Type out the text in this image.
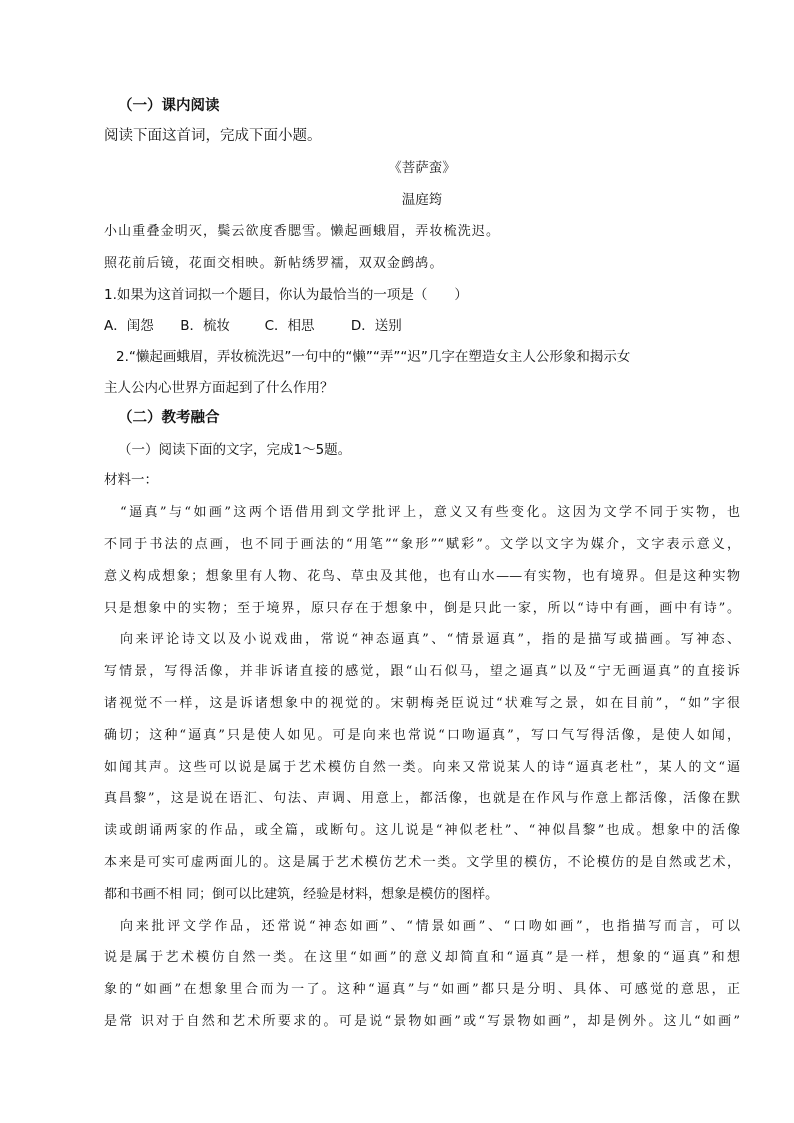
（一）课内阅读
阅读下面这首词，完成下面小题。
《菩萨蛮》
温庭筠
小山重叠金明灭，鬓云欲度香腮雪。懒起画蛾眉，弄妆梳洗迟。
照花前后镜，花面交相映。新帖绣罗襦，双双金鹧鸪。
1.如果为这首词拟一个题目，你认为最恰当的一项是（　　）
A．闺怨 B．梳妆	C．相思	D．送别
2.“懒起画蛾眉，弄妆梳洗迟”一句中的“懒”“弄”“迟”几字在塑造女主人公形象和揭示女
主人公内心世界方面起到了什么作用？
（二）教考融合
（一）阅读下面的文字，完成1～5题。
材料一：
“逼真”与“如画”这两个语借用到文学批评上，意义又有些变化。这因为文学不同于实物，也
不同于书法的点画，也不同于画法的“用笔”“象形”“赋彩”。文学以文字为媒介，文字表示意义，
意义构成想象；想象里有人物、花鸟、草虫及其他，也有山水——有实物，也有境界。但是这种实物
只是想象中的实物；至于境界，原只存在于想象中，倒是只此一家，所以“诗中有画，画中有诗”。
向来评论诗文以及小说戏曲，常说“神态逼真”、“情景逼真”，指的是描写或描画。写神态、
写情景，写得活像，并非诉诸直接的感觉，跟“山石似马，望之逼真”以及“宁无画逼真”的直接诉
诸视觉不一样，这是诉诸想象中的视觉的。宋朝梅尧臣说过“状难写之景，如在目前”，“如”字很
确切；这种“逼真”只是使人如见。可是向来也常说“口吻逼真”，写口气写得活像，是使人如闻，
如闻其声。这些可以说是属于艺术模仿自然一类。向来又常说某人的诗“逼真老杜”，某人的文“逼
真昌黎”，这是说在语汇、句法、声调、用意上，都活像，也就是在作风与作意上都活像，活像在默
读或朗诵两家的作品，或全篇，或断句。这儿说是“神似老杜”、“神似昌黎”也成。想象中的活像
本来是可实可虚两面儿的。这是属于艺术模仿艺术一类。文学里的模仿，不论模仿的是自然或艺术，
都和书画不相 同；倒可以比建筑，经验是材料，想象是模仿的图样。
向来批评文学作品，还常说“神态如画”、“情景如画”、“口吻如画”，也指描写而言，可以
说是属于艺术模仿自然一类。在这里“如画”的意义却简直和“逼真”是一样，想象的“逼真”和想
象的“如画”在想象里合而为一了。这种“逼真”与“如画”都只是分明、具体、可感觉的意思，正
是常 识对于自然和艺术所要求的。可是说“景物如画”或“写景物如画”，却是例外。这儿“如画”
